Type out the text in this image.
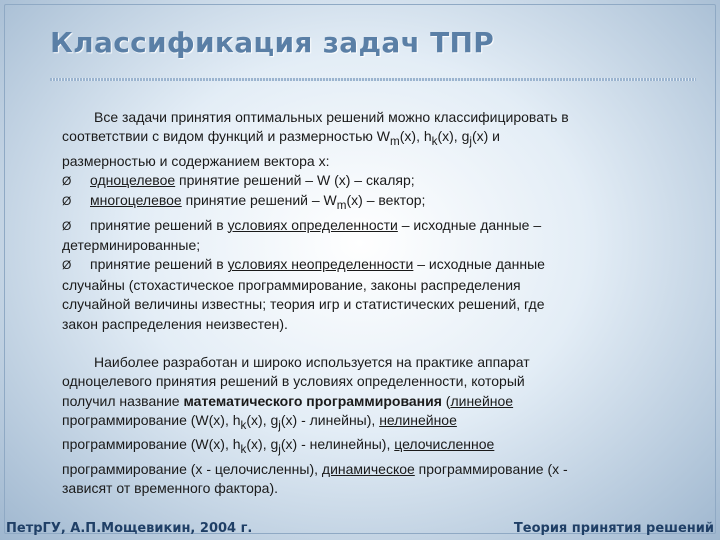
Классификация задач ТПР

Все задачи принятия оптимальных решений можно классифицировать в

соответствии с видом функций и размерностью $W_m(x)$, $h_k(x)$, $g_j(x)$ и

размерностью и содержанием вектора x:

Ø одноцелевое принятие решений – W (x) – скаляр;

Ø многоцелевое принятие решений – $W_m(x)$ – вектор;

Ø принятие решений в условиях определенности – исходные данные –

детерминированные;

Ø принятие решений в условиях неопределенности – исходные данные

случайны (стохастическое программирование, законы распределения

случайной величины известны; теория игр и статистических решений, где

закон распределения неизвестен).

Наиболее разработан и широко используется на практике аппарат

одноцелевого принятия решений в условиях определенности, который

получил название математического программирования (линейное

программирование (W(x), $h_k(x)$, $g_j(x)$ - линейны), нелинейное

программирование (W(x), $h_k(x)$, $g_j(x)$ - нелинейны), целочисленное

программирование (x - целочисленны), динамическое программирование (x -

зависят от временного фактора).

ПетрГУ, А.П.Мощевикин, 2004 г.	Теория принятия решений
